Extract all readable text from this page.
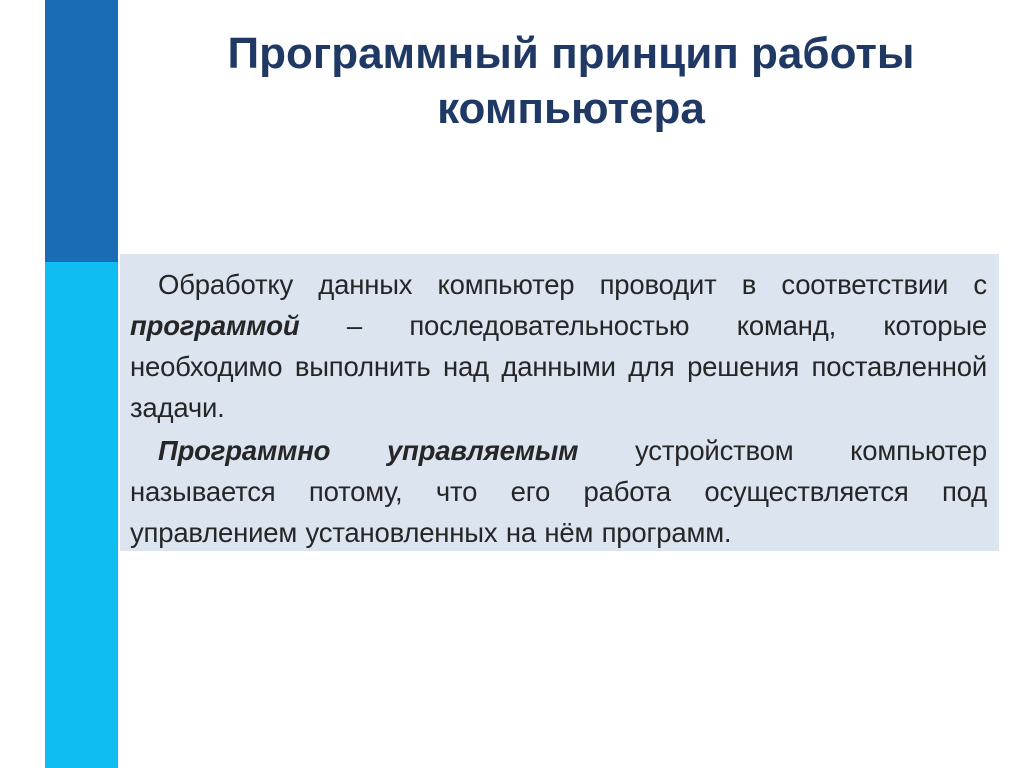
Программный принцип работы
компьютера

Обработку данных компьютер проводит в соответствии с программой – последовательностью команд, которые необходимо выполнить над данными для решения поставленной задачи.

Программно управляемым устройством компьютер называется потому, что его работа осуществляется под управлением установленных на нём программ.
